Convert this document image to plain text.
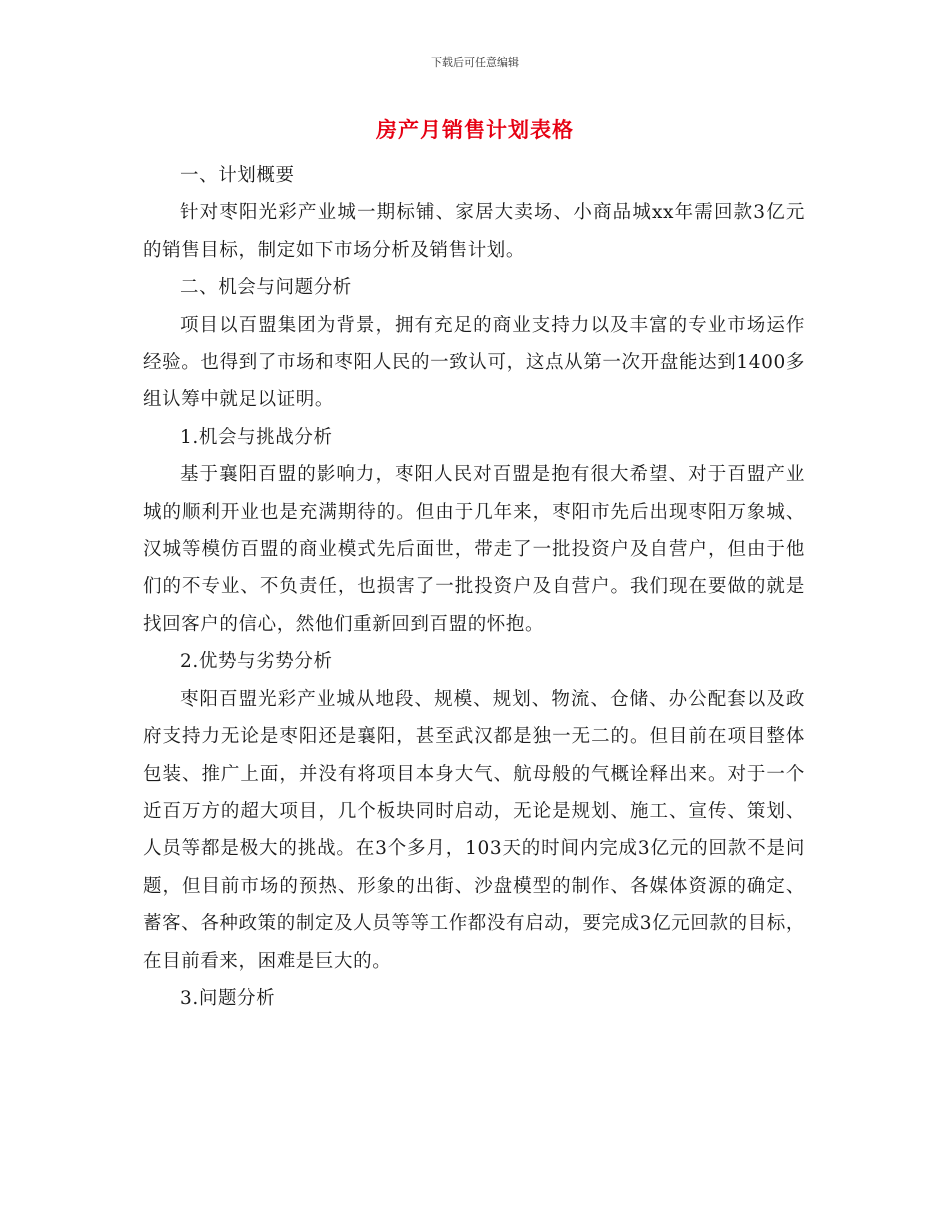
下载后可任意编辑
房产月销售计划表格

一、计划概要

针对枣阳光彩产业城一期标铺、家居大卖场、小商品城xx年需回款3亿元的销售目标，制定如下市场分析及销售计划。

二、机会与问题分析

项目以百盟集团为背景，拥有充足的商业支持力以及丰富的专业市场运作经验。也得到了市场和枣阳人民的一致认可，这点从第一次开盘能达到1400多组认筹中就足以证明。

1.机会与挑战分析

基于襄阳百盟的影响力，枣阳人民对百盟是抱有很大希望、对于百盟产业城的顺利开业也是充满期待的。但由于几年来，枣阳市先后出现枣阳万象城、汉城等模仿百盟的商业模式先后面世，带走了一批投资户及自营户，但由于他们的不专业、不负责任，也损害了一批投资户及自营户。我们现在要做的就是找回客户的信心，然他们重新回到百盟的怀抱。

2.优势与劣势分析

枣阳百盟光彩产业城从地段、规模、规划、物流、仓储、办公配套以及政府支持力无论是枣阳还是襄阳，甚至武汉都是独一无二的。但目前在项目整体包装、推广上面，并没有将项目本身大气、航母般的气概诠释出来。对于一个近百万方的超大项目，几个板块同时启动，无论是规划、施工、宣传、策划、人员等都是极大的挑战。在3个多月，103天的时间内完成3亿元的回款不是问题，但目前市场的预热、形象的出街、沙盘模型的制作、各媒体资源的确定、蓄客、各种政策的制定及人员等等工作都没有启动，要完成3亿元回款的目标，在目前看来，困难是巨大的。

3.问题分析
